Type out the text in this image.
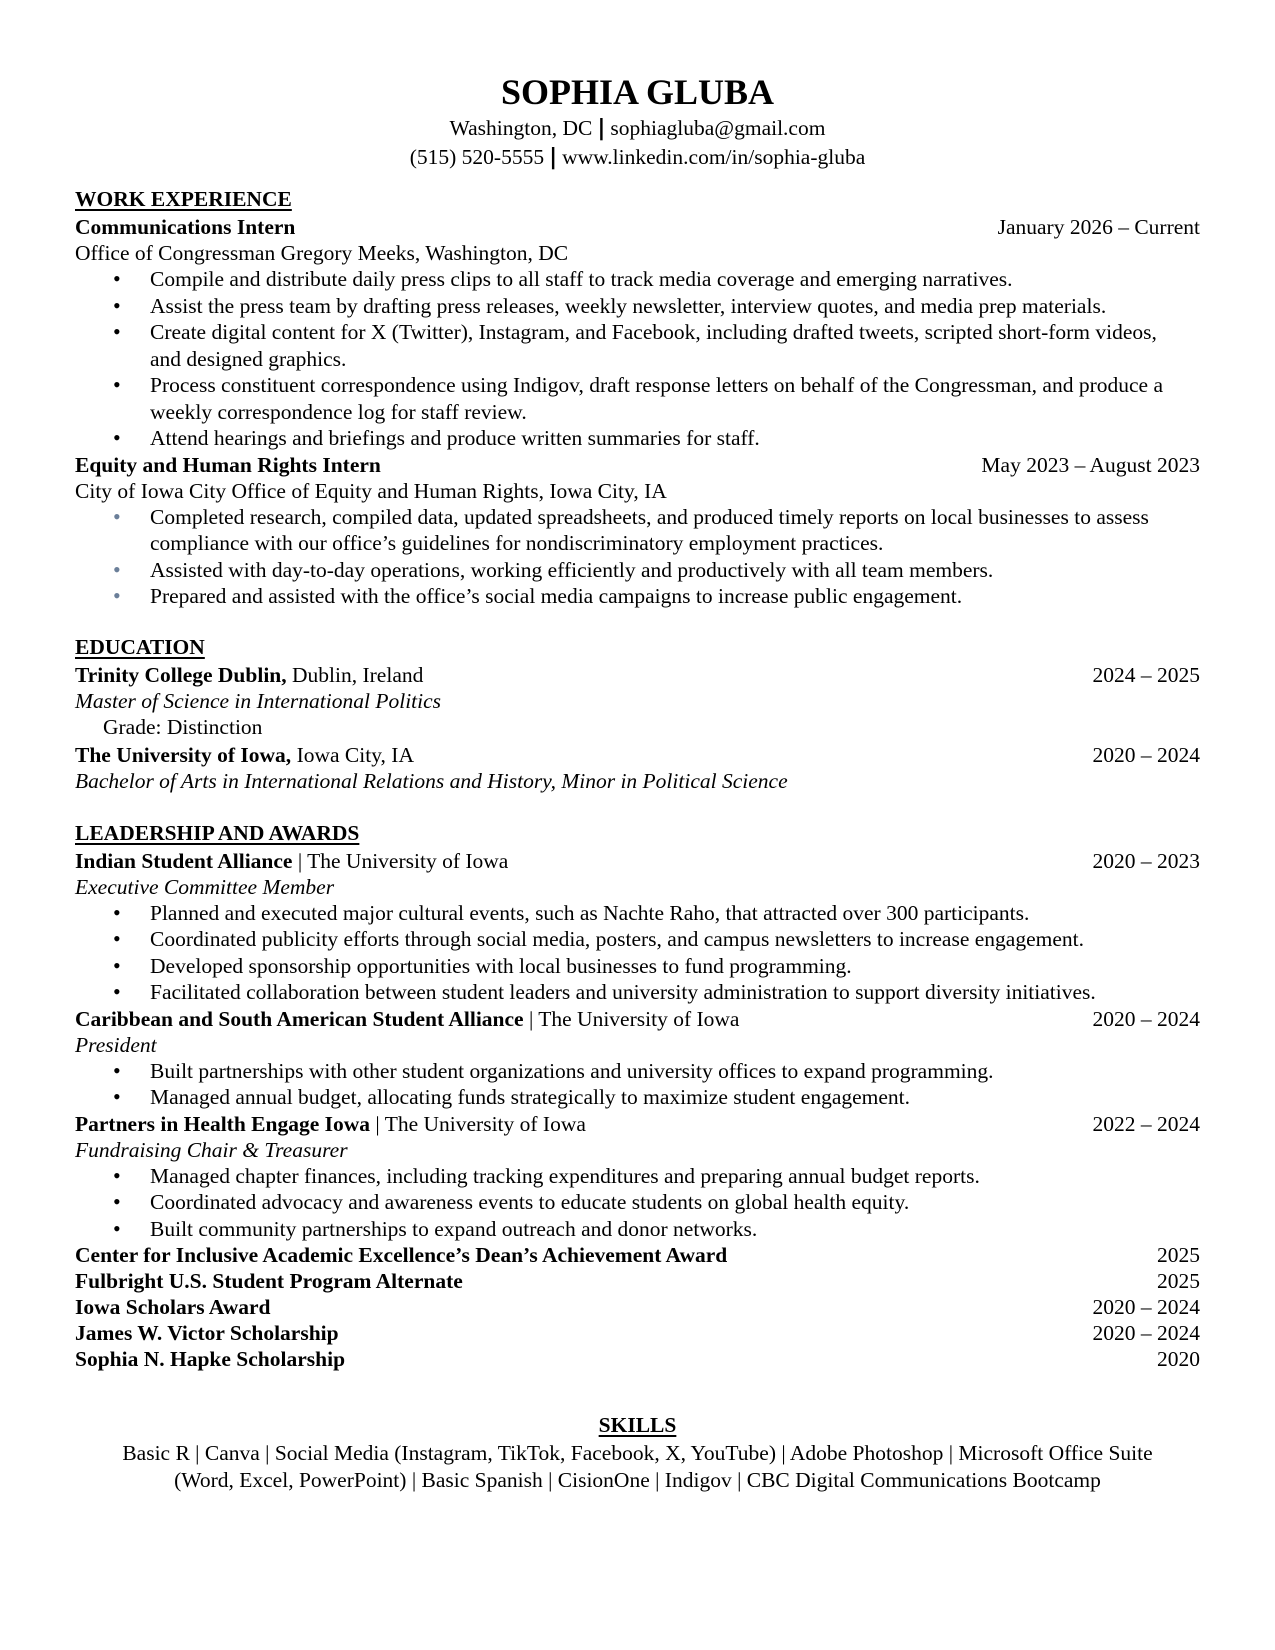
SOPHIA GLUBA
Washington, DC | sophiagluba@gmail.com
(515) 520-5555 | www.linkedin.com/in/sophia-gluba
WORK EXPERIENCE
Communications Intern	January 2026 – Current
Office of Congressman Gregory Meeks, Washington, DC
• Compile and distribute daily press clips to all staff to track media coverage and emerging narratives.
• Assist the press team by drafting press releases, weekly newsletter, interview quotes, and media prep materials.
• Create digital content for X (Twitter), Instagram, and Facebook, including drafted tweets, scripted short-form videos, and designed graphics.
• Process constituent correspondence using Indigov, draft response letters on behalf of the Congressman, and produce a weekly correspondence log for staff review.
• Attend hearings and briefings and produce written summaries for staff.
Equity and Human Rights Intern	May 2023 – August 2023
City of Iowa City Office of Equity and Human Rights, Iowa City, IA
• Completed research, compiled data, updated spreadsheets, and produced timely reports on local businesses to assess compliance with our office’s guidelines for nondiscriminatory employment practices.
• Assisted with day-to-day operations, working efficiently and productively with all team members.
• Prepared and assisted with the office’s social media campaigns to increase public engagement.
EDUCATION
Trinity College Dublin, Dublin, Ireland	2024 – 2025
Master of Science in International Politics
Grade: Distinction
The University of Iowa, Iowa City, IA	2020 – 2024
Bachelor of Arts in International Relations and History, Minor in Political Science
LEADERSHIP AND AWARDS
Indian Student Alliance | The University of Iowa	2020 – 2023
Executive Committee Member
• Planned and executed major cultural events, such as Nachte Raho, that attracted over 300 participants.
• Coordinated publicity efforts through social media, posters, and campus newsletters to increase engagement.
• Developed sponsorship opportunities with local businesses to fund programming.
• Facilitated collaboration between student leaders and university administration to support diversity initiatives.
Caribbean and South American Student Alliance | The University of Iowa	2020 – 2024
President
• Built partnerships with other student organizations and university offices to expand programming.
• Managed annual budget, allocating funds strategically to maximize student engagement.
Partners in Health Engage Iowa | The University of Iowa	2022 – 2024
Fundraising Chair & Treasurer
• Managed chapter finances, including tracking expenditures and preparing annual budget reports.
• Coordinated advocacy and awareness events to educate students on global health equity.
• Built community partnerships to expand outreach and donor networks.
Center for Inclusive Academic Excellence’s Dean’s Achievement Award	2025
Fulbright U.S. Student Program Alternate	2025
Iowa Scholars Award	2020 – 2024
James W. Victor Scholarship	2020 – 2024
Sophia N. Hapke Scholarship	2020
SKILLS
Basic R | Canva | Social Media (Instagram, TikTok, Facebook, X, YouTube) | Adobe Photoshop | Microsoft Office Suite
(Word, Excel, PowerPoint) | Basic Spanish | CisionOne | Indigov | CBC Digital Communications Bootcamp
